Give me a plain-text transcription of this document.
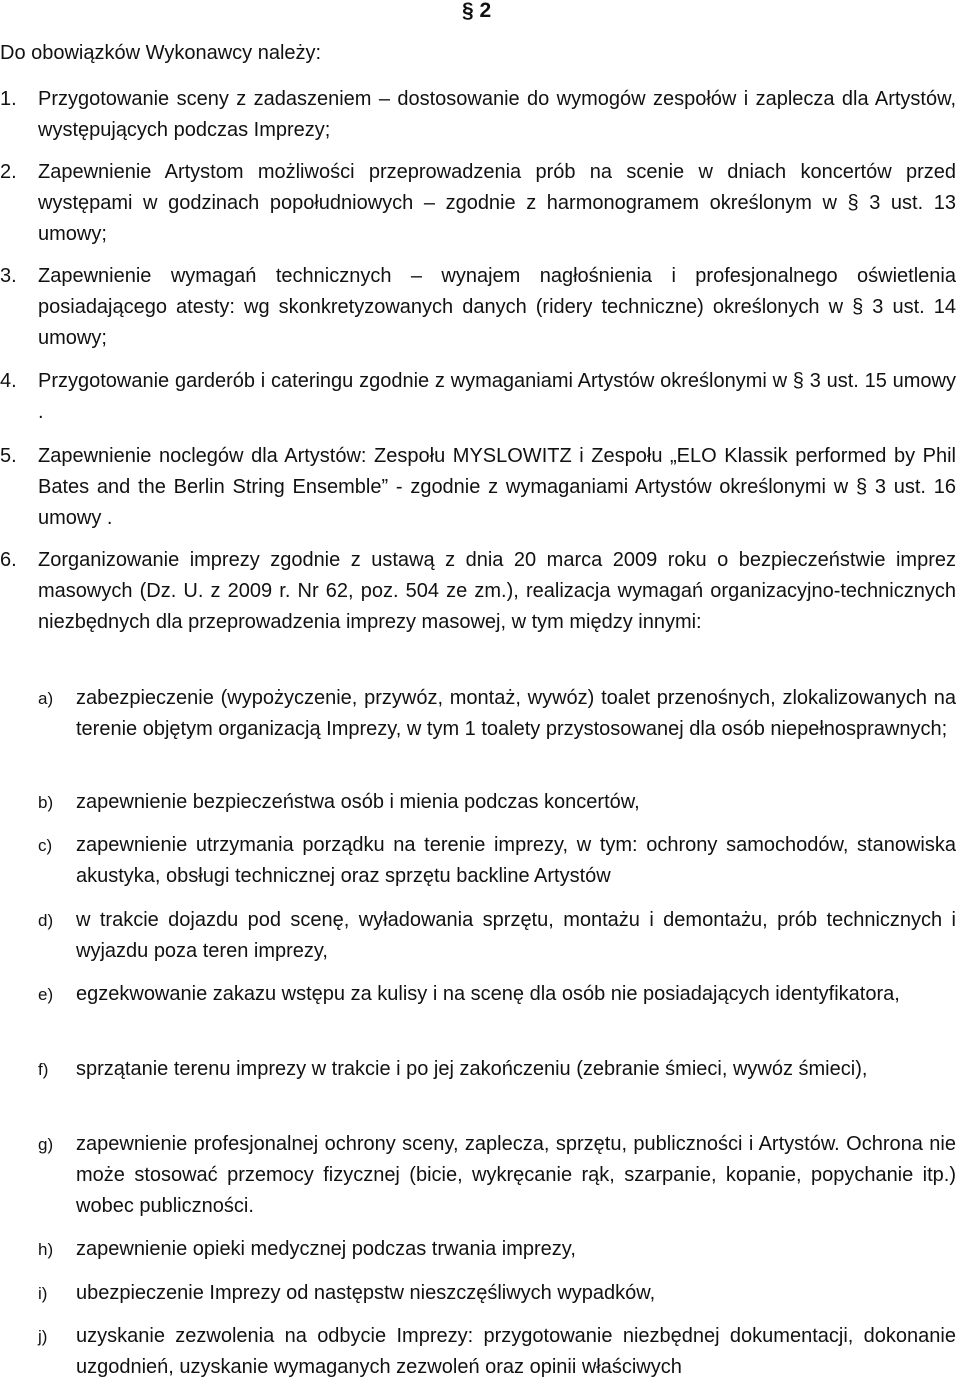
§ 2
Do obowiązków Wykonawcy należy:
1.	Przygotowanie sceny z zadaszeniem – dostosowanie do wymogów zespołów i zaplecza dla Artystów, występujących podczas Imprezy;
2.	Zapewnienie Artystom możliwości przeprowadzenia prób na scenie w dniach koncertów przed występami w godzinach popołudniowych – zgodnie z harmonogramem określonym w § 3 ust. 13 umowy;
3.	Zapewnienie wymagań technicznych – wynajem nagłośnienia i profesjonalnego oświetlenia posiadającego atesty: wg skonkretyzowanych danych (ridery techniczne) określonych w § 3 ust. 14 umowy;
4.	Przygotowanie garderób i cateringu zgodnie z wymaganiami Artystów określonymi w § 3 ust. 15 umowy .
5.	Zapewnienie noclegów dla Artystów: Zespołu MYSLOWITZ i Zespołu „ELO Klassik performed by Phil Bates and the Berlin String Ensemble” - zgodnie z wymaganiami Artystów określonymi w § 3 ust. 16 umowy .
6.	Zorganizowanie imprezy zgodnie z ustawą z dnia 20 marca 2009 roku o bezpieczeństwie imprez masowych (Dz. U. z 2009 r. Nr 62, poz. 504 ze zm.), realizacja wymagań organizacyjno-technicznych niezbędnych dla przeprowadzenia imprezy masowej, w tym między innymi:
a)	zabezpieczenie (wypożyczenie, przywóz, montaż, wywóz) toalet przenośnych, zlokalizowanych na terenie objętym organizacją Imprezy, w tym 1 toalety przystosowanej dla osób niepełnosprawnych;
b)	zapewnienie bezpieczeństwa osób i mienia podczas koncertów,
c)	zapewnienie utrzymania porządku na terenie imprezy, w tym: ochrony samochodów, stanowiska akustyka, obsługi technicznej oraz sprzętu backline Artystów
d)	w trakcie dojazdu pod scenę, wyładowania sprzętu, montażu i demontażu, prób technicznych i wyjazdu poza teren imprezy,
e)	egzekwowanie zakazu wstępu za kulisy i na scenę dla osób nie posiadających identyfikatora,
f)	sprzątanie terenu imprezy w trakcie i po jej zakończeniu (zebranie śmieci, wywóz śmieci),
g)	zapewnienie profesjonalnej ochrony sceny, zaplecza, sprzętu, publiczności i Artystów. Ochrona nie może stosować przemocy fizycznej (bicie, wykręcanie rąk, szarpanie, kopanie, popychanie itp.) wobec publiczności.
h)	zapewnienie opieki medycznej podczas trwania imprezy,
i)	ubezpieczenie Imprezy od następstw nieszczęśliwych wypadków,
j)	uzyskanie zezwolenia na odbycie Imprezy: przygotowanie niezbędnej dokumentacji, dokonanie uzgodnień, uzyskanie wymaganych zezwoleń oraz opinii właściwych
